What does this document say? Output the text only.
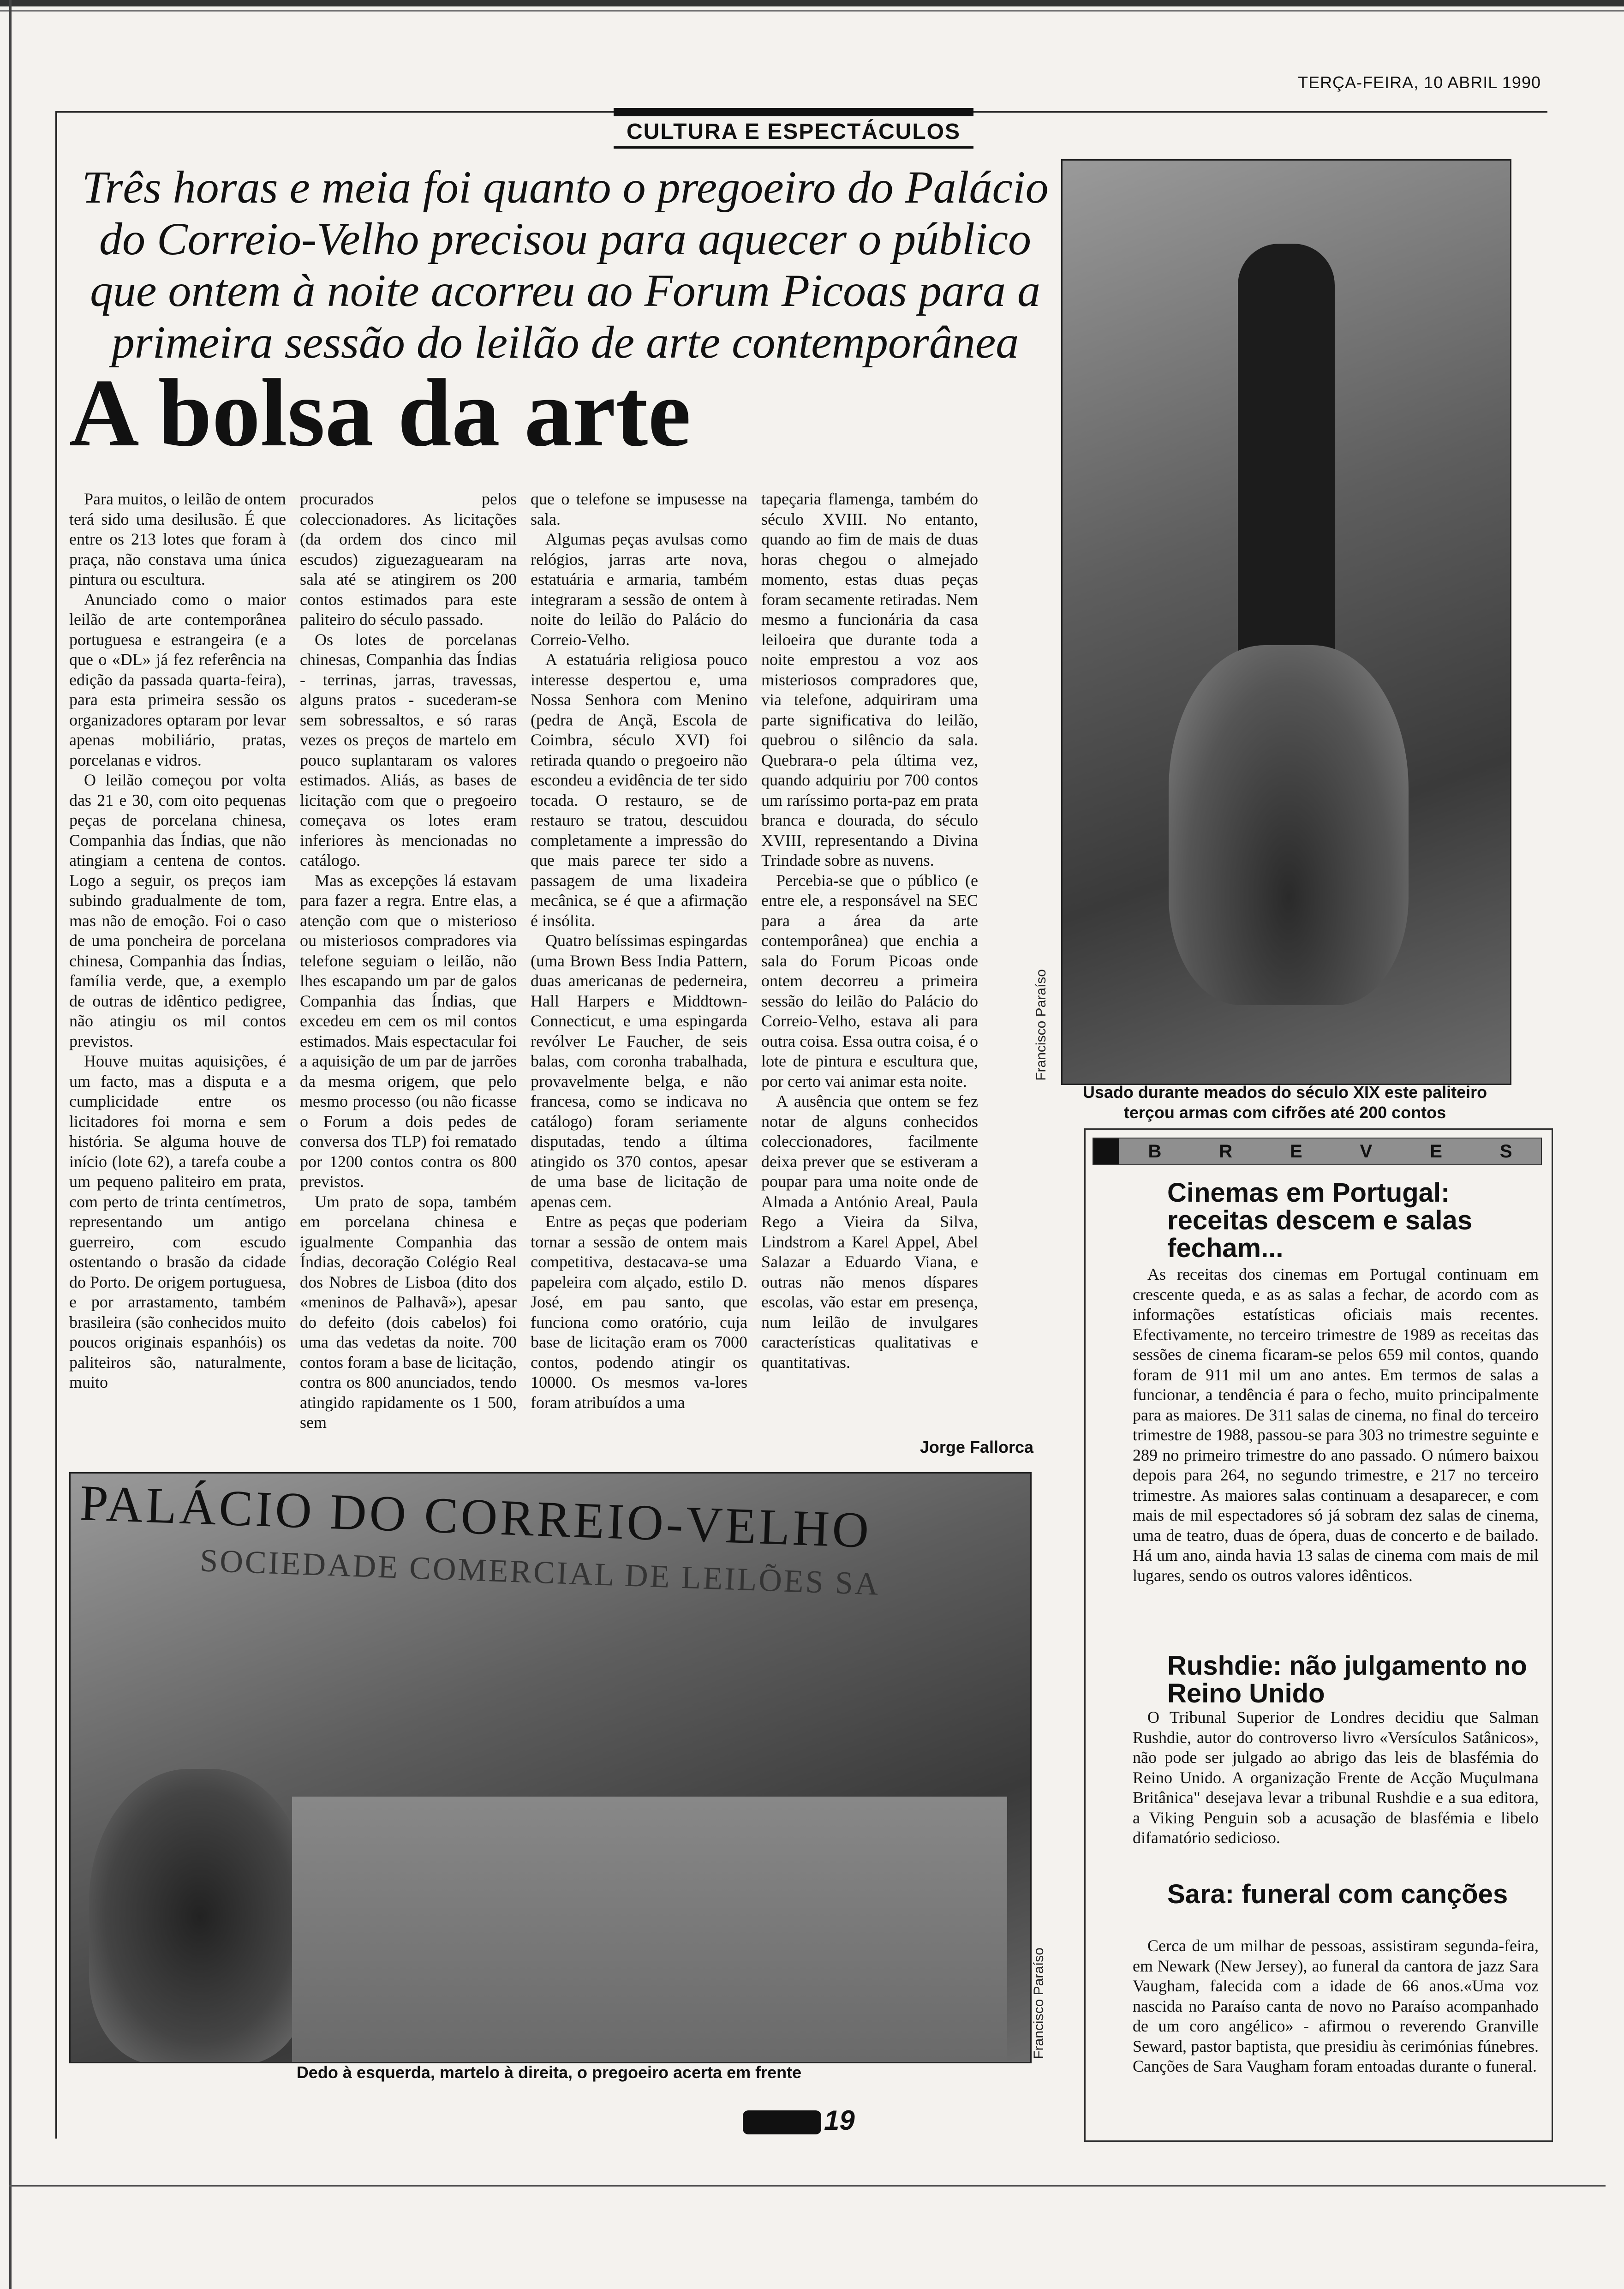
TERÇA-FEIRA, 10 ABRIL 1990
CULTURA E ESPECTÁCULOS
Três horas e meia foi quanto o pregoeiro do Palácio do Correio-Velho precisou para aquecer o público que ontem à noite acorreu ao Forum Picoas para a primeira sessão do leilão de arte contemporânea
A bolsa da arte

Para muitos, o leilão de ontem terá sido uma desilusão. É que entre os 213 lotes que foram à praça, não constava uma única pintura ou escultura.

Anunciado como o maior leilão de arte contemporânea portuguesa e estrangeira (e a que o «DL» já fez referência na edição da passada quarta-feira), para esta primeira sessão os organizadores optaram por levar apenas mobiliário, pratas, porcelanas e vidros.

O leilão começou por volta das 21 e 30, com oito pequenas peças de porcelana chinesa, Companhia das Índias, que não atingiam a centena de contos. Logo a seguir, os preços iam subindo gradualmente de tom, mas não de emoção. Foi o caso de uma poncheira de porcelana chinesa, Companhia das Índias, família verde, que, a exemplo de outras de idêntico pedigree, não atingiu os mil contos previstos.

Houve muitas aquisições, é um facto, mas a disputa e a cumplicidade entre os licitadores foi morna e sem história. Se alguma houve de início (lote 62), a tarefa coube a um pequeno paliteiro em prata, com perto de trinta centímetros, representando um antigo guerreiro, com escudo ostentando o brasão da cidade do Porto. De origem portuguesa, e por arrastamento, também brasileira (são conhecidos muito poucos originais espanhóis) os paliteiros são, naturalmente, muito

procurados pelos coleccionadores. As licitações (da ordem dos cinco mil escudos) ziguezaguearam na sala até se atingirem os 200 contos estimados para este paliteiro do século passado.

Os lotes de porcelanas chinesas, Companhia das Índias - terrinas, jarras, travessas, alguns pratos - sucederam-se sem sobressaltos, e só raras vezes os preços de martelo em pouco suplantaram os valores estimados. Aliás, as bases de licitação com que o pregoeiro começava os lotes eram inferiores às mencionadas no catálogo.

Mas as excepções lá estavam para fazer a regra. Entre elas, a atenção com que o misterioso ou misteriosos compradores via telefone seguiam o leilão, não lhes escapando um par de galos Companhia das Índias, que excedeu em cem os mil contos estimados. Mais espectacular foi a aquisição de um par de jarrões da mesma origem, que pelo mesmo processo (ou não ficasse o Forum a dois pedes de conversa dos TLP) foi rematado por 1200 contos contra os 800 previstos.

Um prato de sopa, também em porcelana chinesa e igualmente Companhia das Índias, decoração Colégio Real dos Nobres de Lisboa (dito dos «meninos de Palhavã»), apesar do defeito (dois cabelos) foi uma das vedetas da noite. 700 contos foram a base de licitação, contra os 800 anunciados, tendo atingido rapidamente os 1 500, sem

que o telefone se impusesse na sala.

Algumas peças avulsas como relógios, jarras arte nova, estatuária e armaria, também integraram a sessão de ontem à noite do leilão do Palácio do Correio-Velho.

A estatuária religiosa pouco interesse despertou e, uma Nossa Senhora com Menino (pedra de Ançã, Escola de Coimbra, século XVI) foi retirada quando o pregoeiro não escondeu a evidência de ter sido tocada. O restauro, se de restauro se tratou, descuidou completamente a impressão do que mais parece ter sido a passagem de uma lixadeira mecânica, se é que a afirmação é insólita.

Quatro belíssimas espingardas (uma Brown Bess India Pattern, duas americanas de pederneira, Hall Harpers e Middtown-Connecticut, e uma espingarda revólver Le Faucher, de seis balas, com coronha trabalhada, provavelmente belga, e não francesa, como se indicava no catálogo) foram seriamente disputadas, tendo a última atingido os 370 contos, apesar de uma base de licitação de apenas cem.

Entre as peças que poderiam tornar a sessão de ontem mais competitiva, destacava-se uma papeleira com alçado, estilo D. José, em pau santo, que funciona como oratório, cuja base de licitação eram os 7000 contos, podendo atingir os 10000. Os mesmos va-lores foram atribuídos a uma

tapeçaria flamenga, também do século XVIII. No entanto, quando ao fim de mais de duas horas chegou o almejado momento, estas duas peças foram secamente retiradas. Nem mesmo a funcionária da casa leiloeira que durante toda a noite emprestou a voz aos misteriosos compradores que, via telefone, adquiriram uma parte significativa do leilão, quebrou o silêncio da sala. Quebrara-o pela última vez, quando adquiriu por 700 contos um raríssimo porta-paz em prata branca e dourada, do século XVIII, representando a Divina Trindade sobre as nuvens.

Percebia-se que o público (e entre ele, a responsável na SEC para a área da arte contemporânea) que enchia a sala do Forum Picoas onde ontem decorreu a primeira sessão do leilão do Palácio do Correio-Velho, estava ali para outra coisa. Essa outra coisa, é o lote de pintura e escultura que, por certo vai animar esta noite.

A ausência que ontem se fez notar de alguns conhecidos coleccionadores, facilmente deixa prever que se estiveram a poupar para uma noite onde de Almada a António Areal, Paula Rego a Vieira da Silva, Lindstrom a Karel Appel, Abel Salazar a Eduardo Viana, e outras não menos díspares escolas, vão estar em presença, num leilão de invulgares características qualitativas e quantitativas.

Jorge Fallorca
Francisco Paraíso
Usado durante meados do século XIX este paliteiro terçou armas com cifrões até 200 contos
PALÁCIO DO CORREIO-VELHO
SOCIEDADE COMERCIAL DE LEILÕES SA
Francisco Paraíso
Dedo à esquerda, martelo à direita, o pregoeiro acerta em frente
B	R	E	V	E	S
Cinemas em Portugal: receitas descem e salas fecham...

As receitas dos cinemas em Portugal continuam em crescente queda, e as as salas a fechar, de acordo com as informações estatísticas oficiais mais recentes. Efectivamente, no terceiro trimestre de 1989 as receitas das sessões de cinema ficaram-se pelos 659 mil contos, quando foram de 911 mil um ano antes. Em termos de salas a funcionar, a tendência é para o fecho, muito principalmente para as maiores. De 311 salas de cinema, no final do terceiro trimestre de 1988, passou-se para 303 no trimestre seguinte e 289 no primeiro trimestre do ano passado. O número baixou depois para 264, no segundo trimestre, e 217 no terceiro trimestre. As maiores salas continuam a desaparecer, e com mais de mil espectadores só já sobram dez salas de cinema, uma de teatro, duas de ópera, duas de concerto e de bailado. Há um ano, ainda havia 13 salas de cinema com mais de mil lugares, sendo os outros valores idênticos.

Rushdie: não julgamento no Reino Unido

O Tribunal Superior de Londres decidiu que Salman Rushdie, autor do controverso livro «Versículos Satânicos», não pode ser julgado ao abrigo das leis de blasfémia do Reino Unido. A organização Frente de Acção Muçulmana Britânica" desejava levar a tribunal Rushdie e a sua editora, a Viking Penguin sob a acusação de blasfémia e libelo difamatório sedicioso.

Sara: funeral com canções

Cerca de um milhar de pessoas, assistiram segunda-feira, em Newark (New Jersey), ao funeral da cantora de jazz Sara Vaugham, falecida com a idade de 66 anos.«Uma voz nascida no Paraíso canta de novo no Paraíso acompanhado de um coro angélico» - afirmou o reverendo Granville Seward, pastor baptista, que presidiu às cerimónias fúnebres. Canções de Sara Vaugham foram entoadas durante o funeral.

19
